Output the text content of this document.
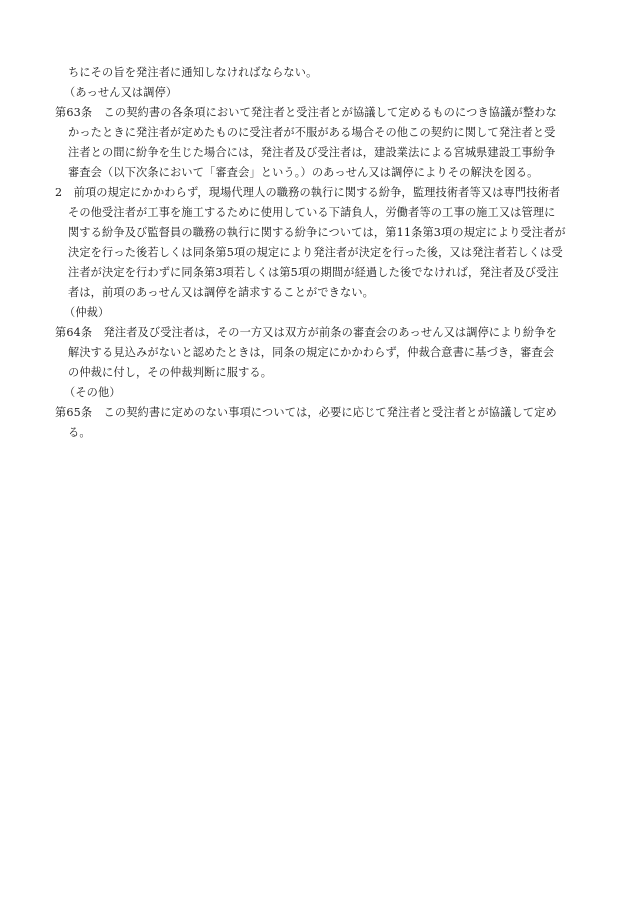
ちにその旨を発注者に通知しなければならない。
（あっせん又は調停）
第63条　この契約書の各条項において発注者と受注者とが協議して定めるものにつき協議が整わな
かったときに発注者が定めたものに受注者が不服がある場合その他この契約に関して発注者と受
注者との間に紛争を生じた場合には，発注者及び受注者は，建設業法による宮城県建設工事紛争
審査会（以下次条において「審査会」という。）のあっせん又は調停によりその解決を図る。
2　前項の規定にかかわらず，現場代理人の職務の執行に関する紛争，監理技術者等又は専門技術者
その他受注者が工事を施工するために使用している下請負人，労働者等の工事の施工又は管理に
関する紛争及び監督員の職務の執行に関する紛争については，第11条第3項の規定により受注者が
決定を行った後若しくは同条第5項の規定により発注者が決定を行った後，又は発注者若しくは受
注者が決定を行わずに同条第3項若しくは第5項の期間が経過した後でなければ，発注者及び受注
者は，前項のあっせん又は調停を請求することができない。
（仲裁）
第64条　発注者及び受注者は，その一方又は双方が前条の審査会のあっせん又は調停により紛争を
解決する見込みがないと認めたときは，同条の規定にかかわらず，仲裁合意書に基づき，審査会
の仲裁に付し，その仲裁判断に服する。
（その他）
第65条　この契約書に定めのない事項については，必要に応じて発注者と受注者とが協議して定め
る。
